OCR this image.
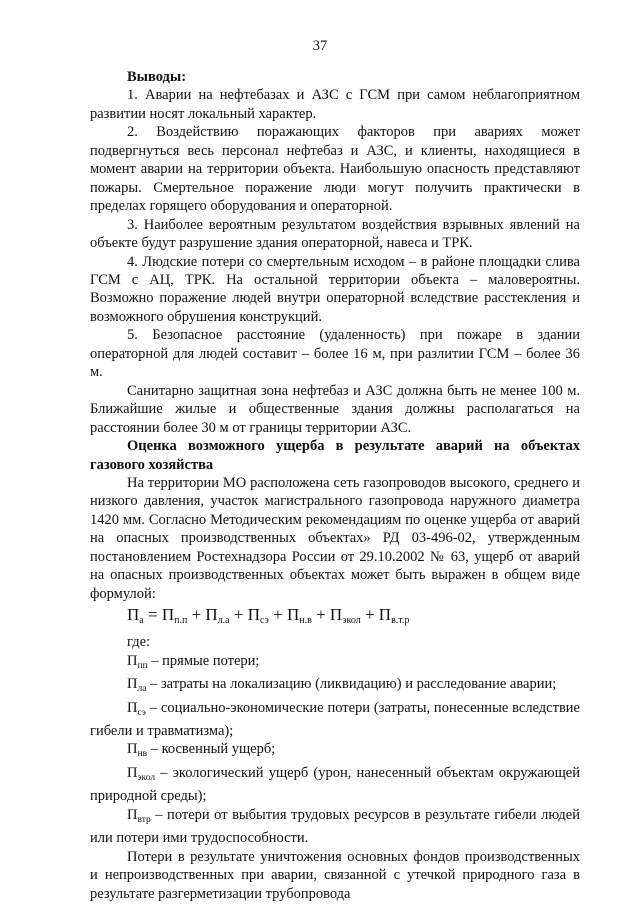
37

Выводы:

1. Аварии на нефтебазах и АЗС с ГСМ при самом неблагоприятном развитии носят локальный характер.

2. Воздействию поражающих факторов при авариях может подвергнуться весь персонал нефтебаз и АЗС, и клиенты, находящиеся в момент аварии на территории объекта. Наибольшую опасность представляют пожары. Смертельное поражение люди могут получить практически в пределах горящего оборудования и операторной.

3. Наиболее вероятным результатом воздействия взрывных явлений на объекте будут разрушение здания операторной, навеса и ТРК.

4. Людские потери со смертельным исходом – в районе площадки слива ГСМ с АЦ, ТРК. На остальной территории объекта – маловероятны. Возможно поражение людей внутри операторной вследствие расстекления и возможного обрушения конструкций.

5. Безопасное расстояние (удаленность) при пожаре в здании операторной для людей составит – более 16 м, при разлитии ГСМ – более 36 м.

Санитарно защитная зона нефтебаз и АЗС должна быть не менее 100 м. Ближайшие жилые и общественные здания должны располагаться на расстоянии более 30 м от границы территории АЗС.

Оценка возможного ущерба в результате аварий на объектах газового хозяйства

На территории МО расположена сеть газопроводов высокого, среднего и низкого давления, участок магистрального газопровода наружного диаметра 1420 мм. Согласно Методическим рекомендациям по оценке ущерба от аварий на опасных производственных объектах» РД 03-496-02, утвержденным постановлением Ростехнадзора России от 29.10.2002 № 63, ущерб от аварий на опасных производственных объектах может быть выражен в общем виде формулой:

$П_а = П_{п.п} + П_{л.а} + П_{сэ} + П_{н.в} + П_{экол} + П_{в.т.р}$

где:

$П_{пп}$ – прямые потери;

$П_{ла}$ – затраты на локализацию (ликвидацию) и расследование аварии;

$П_{сэ}$ – социально-экономические потери (затраты, понесенные вследствие гибели и травматизма);

$П_{нв}$ – косвенный ущерб;

$П_{экол}$ – экологический ущерб (урон, нанесенный объектам окружающей природной среды);

$П_{втр}$ – потери от выбытия трудовых ресурсов в результате гибели людей или потери ими трудоспособности.

Потери в результате уничтожения основных фондов производственных и непроизводственных при аварии, связанной с утечкой природного газа в результате разгерметизации трубопровода
